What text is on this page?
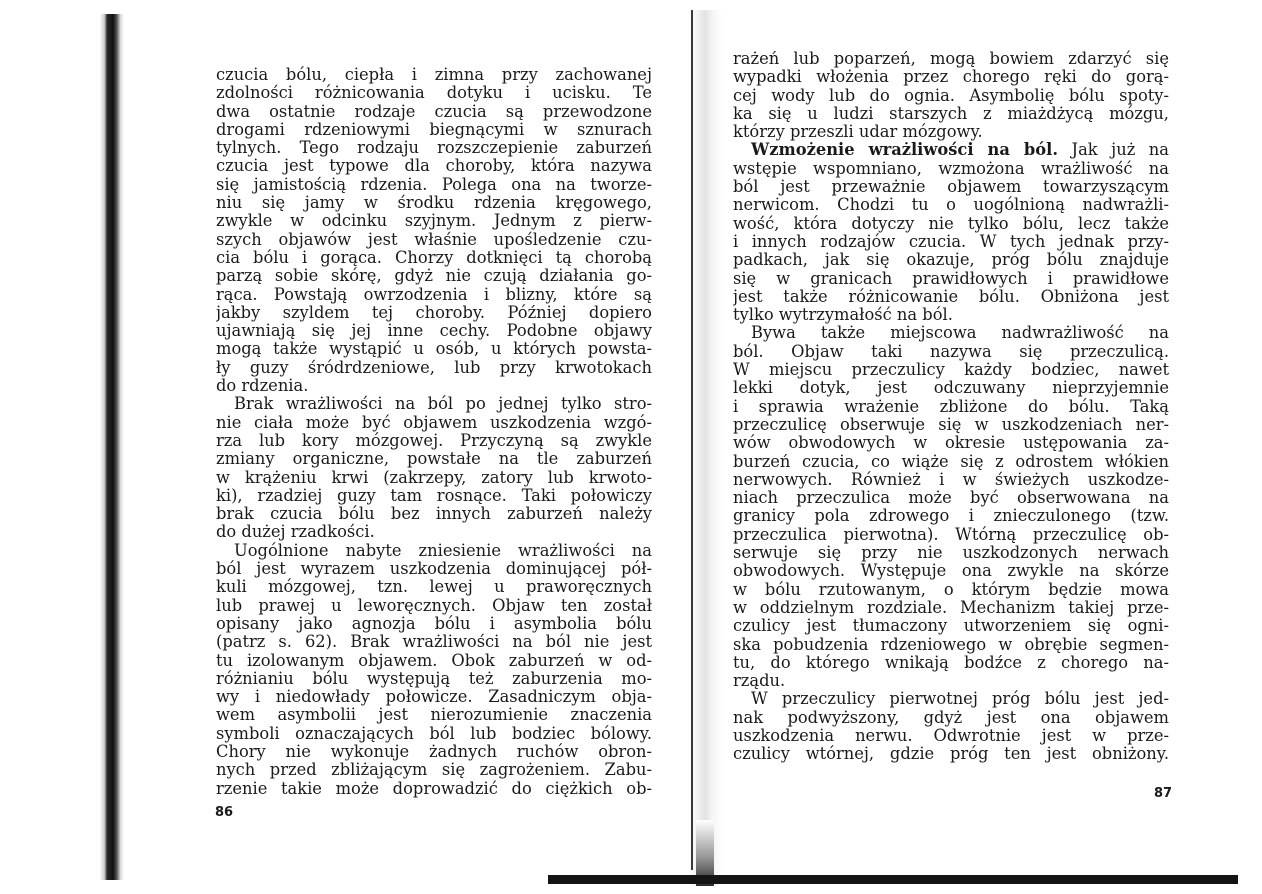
czucia bólu, ciepła i zimna przy zachowanej
zdolności różnicowania dotyku i ucisku. Te
dwa ostatnie rodzaje czucia są przewodzone
drogami rdzeniowymi biegnącymi w sznurach
tylnych. Tego rodzaju rozszczepienie zaburzeń
czucia jest typowe dla choroby, która nazywa
się jamistością rdzenia. Polega ona na tworze-
niu się jamy w środku rdzenia kręgowego,
zwykle w odcinku szyjnym. Jednym z pierw-
szych objawów jest właśnie upośledzenie czu-
cia bólu i gorąca. Chorzy dotknięci tą chorobą
parzą sobie skórę, gdyż nie czują działania go-
rąca. Powstają owrzodzenia i blizny, które są
jakby szyldem tej choroby. Później dopiero
ujawniają się jej inne cechy. Podobne objawy
mogą także wystąpić u osób, u których powsta-
ły guzy śródrdzeniowe, lub przy krwotokach
do rdzenia.
Brak wrażliwości na ból po jednej tylko stro-
nie ciała może być objawem uszkodzenia wzgó-
rza lub kory mózgowej. Przyczyną są zwykle
zmiany organiczne, powstałe na tle zaburzeń
w krążeniu krwi (zakrzepy, zatory lub krwoto-
ki), rzadziej guzy tam rosnące. Taki połowiczy
brak czucia bólu bez innych zaburzeń należy
do dużej rzadkości.
Uogólnione nabyte zniesienie wrażliwości na
ból jest wyrazem uszkodzenia dominującej pół-
kuli mózgowej, tzn. lewej u praworęcznych
lub prawej u leworęcznych. Objaw ten został
opisany jako agnozja bólu i asymbolia bólu
(patrz s. 62). Brak wrażliwości na ból nie jest
tu izolowanym objawem. Obok zaburzeń w od-
różnianiu bólu występują też zaburzenia mo-
wy i niedowłady połowicze. Zasadniczym obja-
wem asymbolii jest nierozumienie znaczenia
symboli oznaczających ból lub bodziec bólowy.
Chory nie wykonuje żadnych ruchów obron-
nych przed zbliżającym się zagrożeniem. Zabu-
rzenie takie może doprowadzić do ciężkich ob-
86
rażeń lub poparzeń, mogą bowiem zdarzyć się
wypadki włożenia przez chorego ręki do gorą-
cej wody lub do ognia. Asymbolię bólu spoty-
ka się u ludzi starszych z miażdżycą mózgu,
którzy przeszli udar mózgowy.
Wzmożenie wrażliwości na ból. Jak już na
wstępie wspomniano, wzmożona wrażliwość na
ból jest przeważnie objawem towarzyszącym
nerwicom. Chodzi tu o uogólnioną nadwrażli-
wość, która dotyczy nie tylko bólu, lecz także
i innych rodzajów czucia. W tych jednak przy-
padkach, jak się okazuje, próg bólu znajduje
się w granicach prawidłowych i prawidłowe
jest także różnicowanie bólu. Obniżona jest
tylko wytrzymałość na ból.
Bywa także miejscowa nadwrażliwość na
ból. Objaw taki nazywa się przeczulicą.
W miejscu przeczulicy każdy bodziec, nawet
lekki dotyk, jest odczuwany nieprzyjemnie
i sprawia wrażenie zbliżone do bólu. Taką
przeczulicę obserwuje się w uszkodzeniach ner-
wów obwodowych w okresie ustępowania za-
burzeń czucia, co wiąże się z odrostem włókien
nerwowych. Również i w świeżych uszkodze-
niach przeczulica może być obserwowana na
granicy pola zdrowego i znieczulonego (tzw.
przeczulica pierwotna). Wtórną przeczulicę ob-
serwuje się przy nie uszkodzonych nerwach
obwodowych. Występuje ona zwykle na skórze
w bólu rzutowanym, o którym będzie mowa
w oddzielnym rozdziale. Mechanizm takiej prze-
czulicy jest tłumaczony utworzeniem się ogni-
ska pobudzenia rdzeniowego w obrębie segmen-
tu, do którego wnikają bodźce z chorego na-
rządu.
W przeczulicy pierwotnej próg bólu jest jed-
nak podwyższony, gdyż jest ona objawem
uszkodzenia nerwu. Odwrotnie jest w prze-
czulicy wtórnej, gdzie próg ten jest obniżony.
87
